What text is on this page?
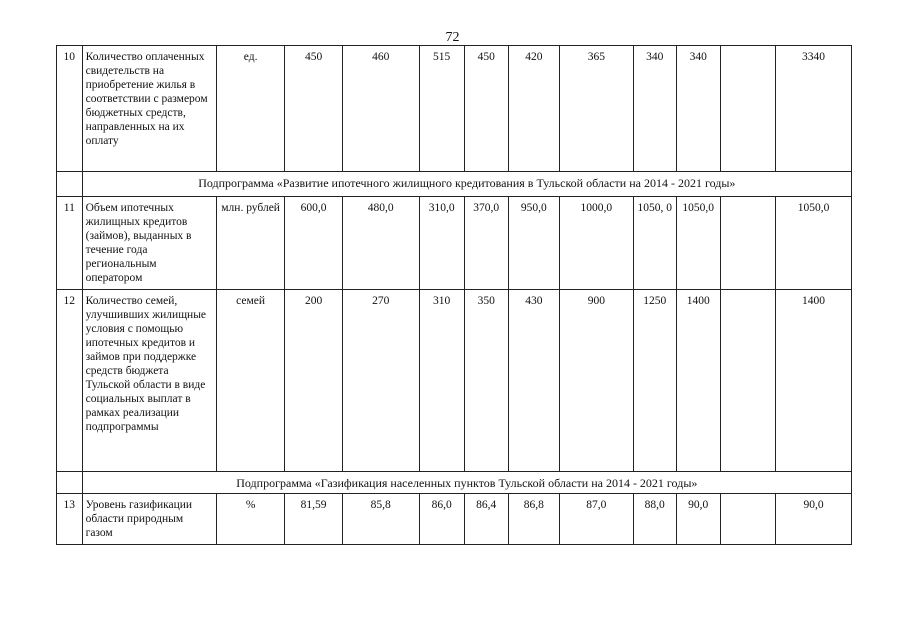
72
10	Количество оплаченных свидетельств на приобретение жилья в соответствии с размером бюджетных средств, направленных на их оплату	ед.	450	460	515	450	420	365	340	340		3340
	Подпрограмма «Развитие ипотечного жилищного кредитования в Тульской области на 2014 - 2021 годы»											
11	Объем ипотечных жилищных кредитов (займов), выданных в течение года региональным оператором	млн. рублей	600,0	480,0	310,0	370,0	950,0	1000,0	1050, 0	1050,0		1050,0
12	Количество семей, улучшивших жилищные условия с помощью ипотечных кредитов и займов при поддержке средств бюджета Тульской области в виде социальных выплат в рамках реализации подпрограммы	семей	200	270	310	350	430	900	1250	1400		1400
	Подпрограмма «Газификация населенных пунктов Тульской области на 2014 - 2021 годы»											
13	Уровень газификации области природным газом	%	81,59	85,8	86,0	86,4	86,8	87,0	88,0	90,0		90,0
